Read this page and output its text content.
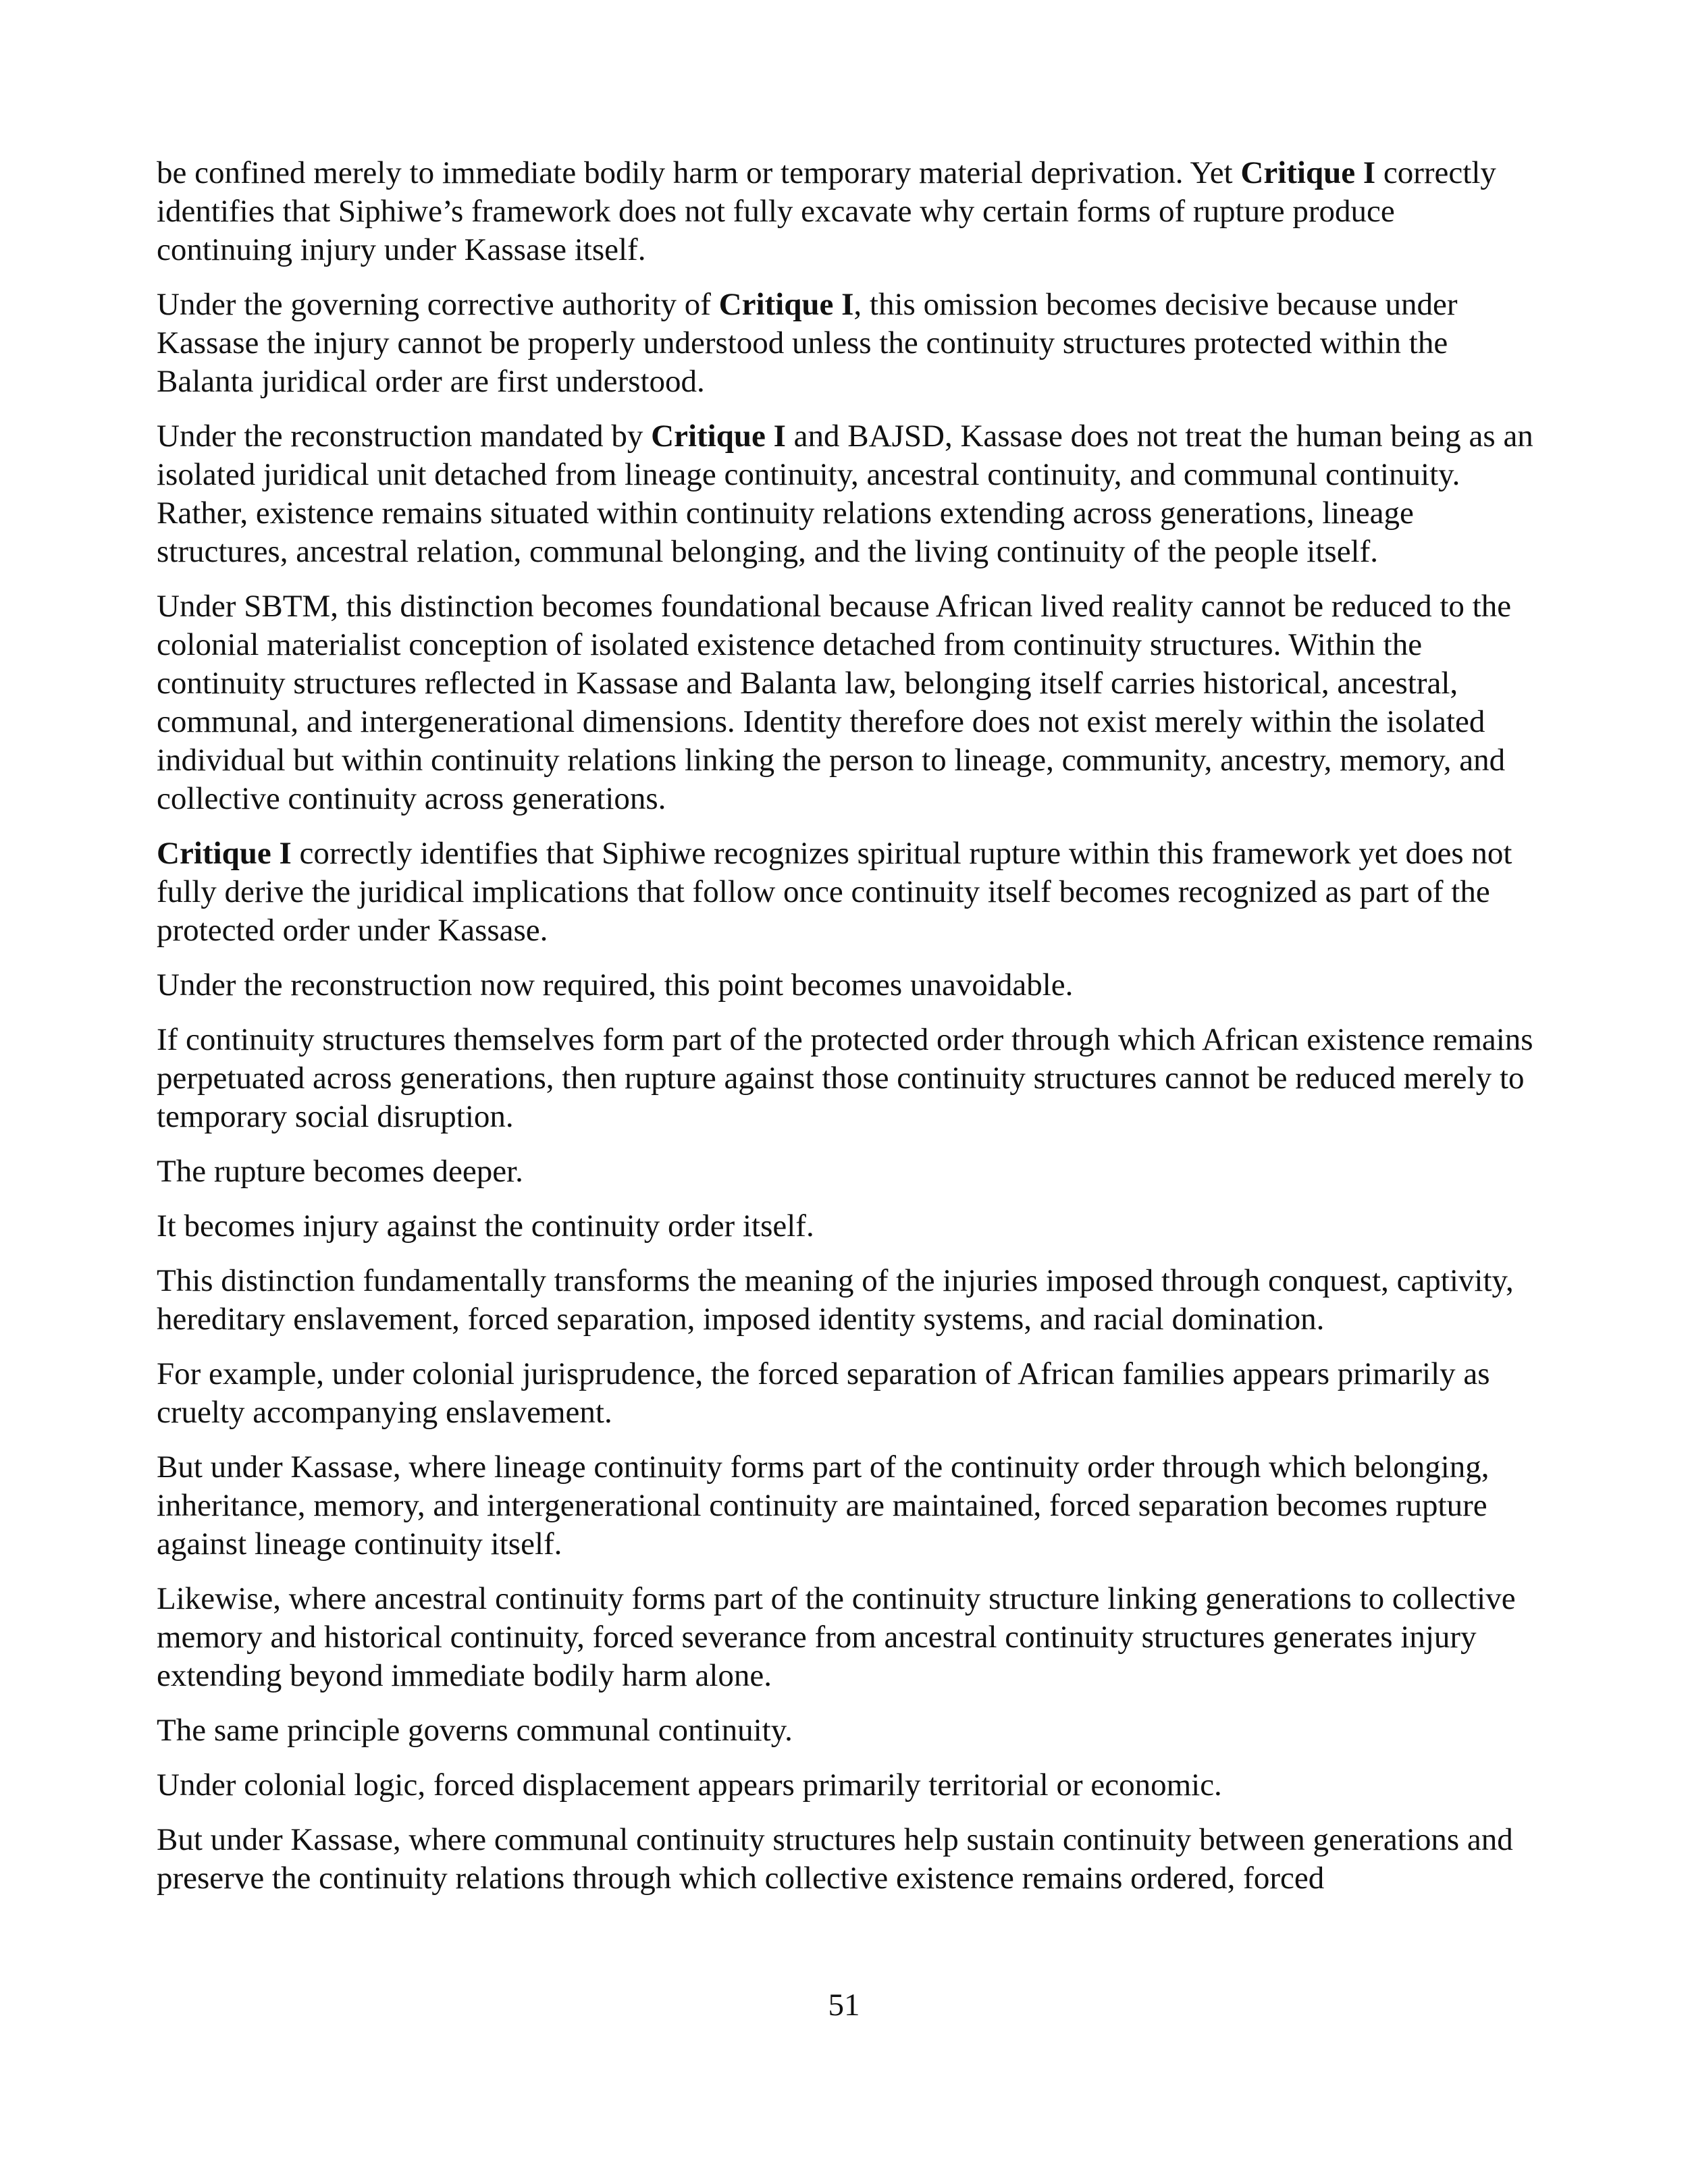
be confined merely to immediate bodily harm or temporary material deprivation. Yet Critique I correctly identifies that Siphiwe’s framework does not fully excavate why certain forms of rupture produce continuing injury under Kassase itself.

Under the governing corrective authority of Critique I, this omission becomes decisive because under Kassase the injury cannot be properly understood unless the continuity structures protected within the Balanta juridical order are first understood.

Under the reconstruction mandated by Critique I and BAJSD, Kassase does not treat the human being as an isolated juridical unit detached from lineage continuity, ancestral continuity, and communal continuity. Rather, existence remains situated within continuity relations extending across generations, lineage structures, ancestral relation, communal belonging, and the living continuity of the people itself.

Under SBTM, this distinction becomes foundational because African lived reality cannot be reduced to the colonial materialist conception of isolated existence detached from continuity structures. Within the continuity structures reflected in Kassase and Balanta law, belonging itself carries historical, ancestral, communal, and intergenerational dimensions. Identity therefore does not exist merely within the isolated individual but within continuity relations linking the person to lineage, community, ancestry, memory, and collective continuity across generations.

Critique I correctly identifies that Siphiwe recognizes spiritual rupture within this framework yet does not fully derive the juridical implications that follow once continuity itself becomes recognized as part of the protected order under Kassase.

Under the reconstruction now required, this point becomes unavoidable.

If continuity structures themselves form part of the protected order through which African existence remains perpetuated across generations, then rupture against those continuity structures cannot be reduced merely to temporary social disruption.

The rupture becomes deeper.

It becomes injury against the continuity order itself.

This distinction fundamentally transforms the meaning of the injuries imposed through conquest, captivity, hereditary enslavement, forced separation, imposed identity systems, and racial domination.

For example, under colonial jurisprudence, the forced separation of African families appears primarily as cruelty accompanying enslavement.

But under Kassase, where lineage continuity forms part of the continuity order through which belonging, inheritance, memory, and intergenerational continuity are maintained, forced separation becomes rupture against lineage continuity itself.

Likewise, where ancestral continuity forms part of the continuity structure linking generations to collective memory and historical continuity, forced severance from ancestral continuity structures generates injury extending beyond immediate bodily harm alone.

The same principle governs communal continuity.

Under colonial logic, forced displacement appears primarily territorial or economic.

But under Kassase, where communal continuity structures help sustain continuity between generations and preserve the continuity relations through which collective existence remains ordered, forced

51
